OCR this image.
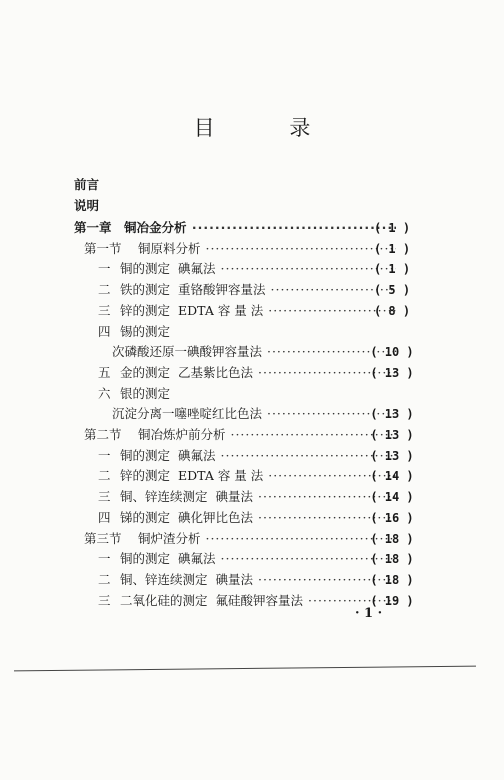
目 录
前言
说明
第一章 铜冶金分析 ·····	( 1 )
第一节 铜原料分析 ·····	( 1 )
一 铜的测定 碘氟法 ·····	( 1 )
二 铁的测定 重铬酸钾容量法 ·····	( 5 )
三 锌的测定 EDTA 容 量 法 ·····	( 8 )
四 锡的测定
次磷酸还原一碘酸钾容量法 ·····	( 10 )
五 金的测定 乙基紫比色法 ·····	( 13 )
六 银的测定
沉淀分离一噻唑啶红比色法 ·····	( 13 )
第二节 铜冶炼炉前分析 ·····	( 13 )
一 铜的测定 碘氟法 ·····	( 13 )
二 锌的测定 EDTA 容 量 法 ·····	( 14 )
三 铜、锌连续测定 碘量法 ·····	( 14 )
四 锑的测定 碘化钾比色法 ·····	( 16 )
第三节 铜炉渣分析 ·····	( 18 )
一 铜的测定 碘氟法 ·····	( 18 )
二 铜、锌连续测定 碘量法 ·····	( 18 )
三 二氧化硅的测定 氟硅酸钾容量法 ·····	( 19 )
· 1 ·
